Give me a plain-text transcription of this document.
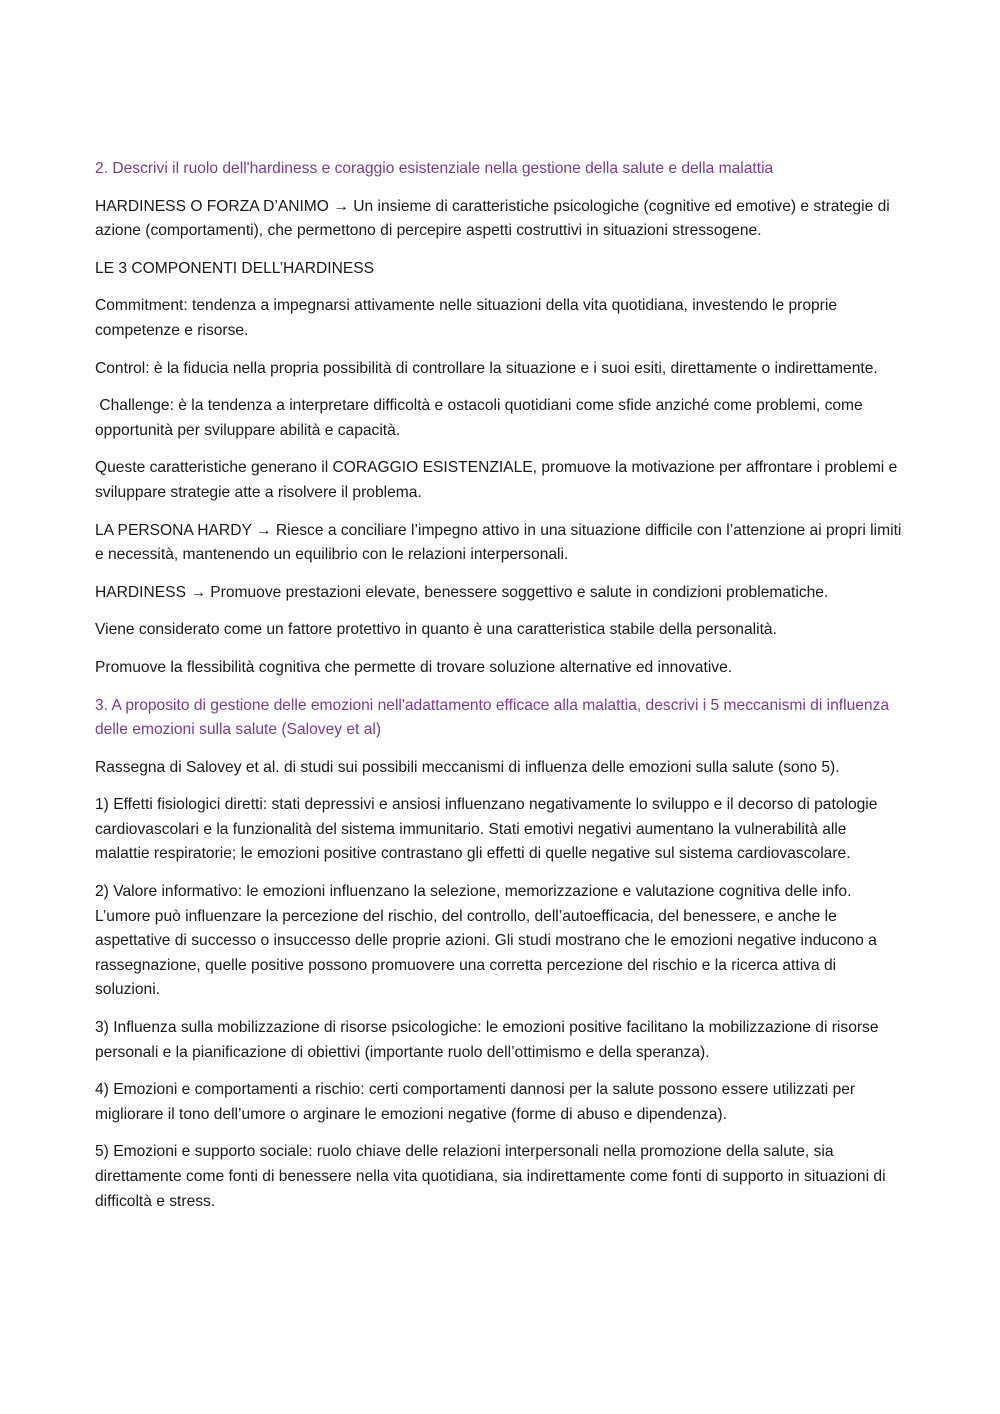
2. Descrivi il ruolo dell'hardiness e coraggio esistenziale nella gestione della salute e della malattia

HARDINESS O FORZA D’ANIMO → Un insieme di caratteristiche psicologiche (cognitive ed emotive) e strategie di azione (comportamenti), che permettono di percepire aspetti costruttivi in situazioni stressogene.

LE 3 COMPONENTI DELL’HARDINESS

Commitment: tendenza a impegnarsi attivamente nelle situazioni della vita quotidiana, investendo le proprie competenze e risorse.

Control: è la fiducia nella propria possibilità di controllare la situazione e i suoi esiti, direttamente o indirettamente.

Challenge: è la tendenza a interpretare difficoltà e ostacoli quotidiani come sfide anziché come problemi, come opportunità per sviluppare abilità e capacità.

Queste caratteristiche generano il CORAGGIO ESISTENZIALE, promuove la motivazione per affrontare i problemi e sviluppare strategie atte a risolvere il problema.

LA PERSONA HARDY → Riesce a conciliare l’impegno attivo in una situazione difficile con l’attenzione ai propri limiti e necessità, mantenendo un equilibrio con le relazioni interpersonali.

HARDINESS → Promuove prestazioni elevate, benessere soggettivo e salute in condizioni problematiche.

Viene considerato come un fattore protettivo in quanto è una caratteristica stabile della personalità.

Promuove la flessibilità cognitiva che permette di trovare soluzione alternative ed innovative.

3. A proposito di gestione delle emozioni nell'adattamento efficace alla malattia, descrivi i 5 meccanismi di influenza delle emozioni sulla salute (Salovey et al)

Rassegna di Salovey et al. di studi sui possibili meccanismi di influenza delle emozioni sulla salute (sono 5).

1) Effetti fisiologici diretti: stati depressivi e ansiosi influenzano negativamente lo sviluppo e il decorso di patologie cardiovascolari e la funzionalità del sistema immunitario. Stati emotivi negativi aumentano la vulnerabilità alle malattie respiratorie; le emozioni positive contrastano gli effetti di quelle negative sul sistema cardiovascolare.

2) Valore informativo: le emozioni influenzano la selezione, memorizzazione e valutazione cognitiva delle info. L’umore può influenzare la percezione del rischio, del controllo, dell’autoefficacia, del benessere, e anche le aspettative di successo o insuccesso delle proprie azioni. Gli studi mostrano che le emozioni negative inducono a rassegnazione, quelle positive possono promuovere una corretta percezione del rischio e la ricerca attiva di soluzioni.

3) Influenza sulla mobilizzazione di risorse psicologiche: le emozioni positive facilitano la mobilizzazione di risorse personali e la pianificazione di obiettivi (importante ruolo dell’ottimismo e della speranza).

4) Emozioni e comportamenti a rischio: certi comportamenti dannosi per la salute possono essere utilizzati per migliorare il tono dell’umore o arginare le emozioni negative (forme di abuso e dipendenza).

5) Emozioni e supporto sociale: ruolo chiave delle relazioni interpersonali nella promozione della salute, sia direttamente come fonti di benessere nella vita quotidiana, sia indirettamente come fonti di supporto in situazioni di difficoltà e stress.
